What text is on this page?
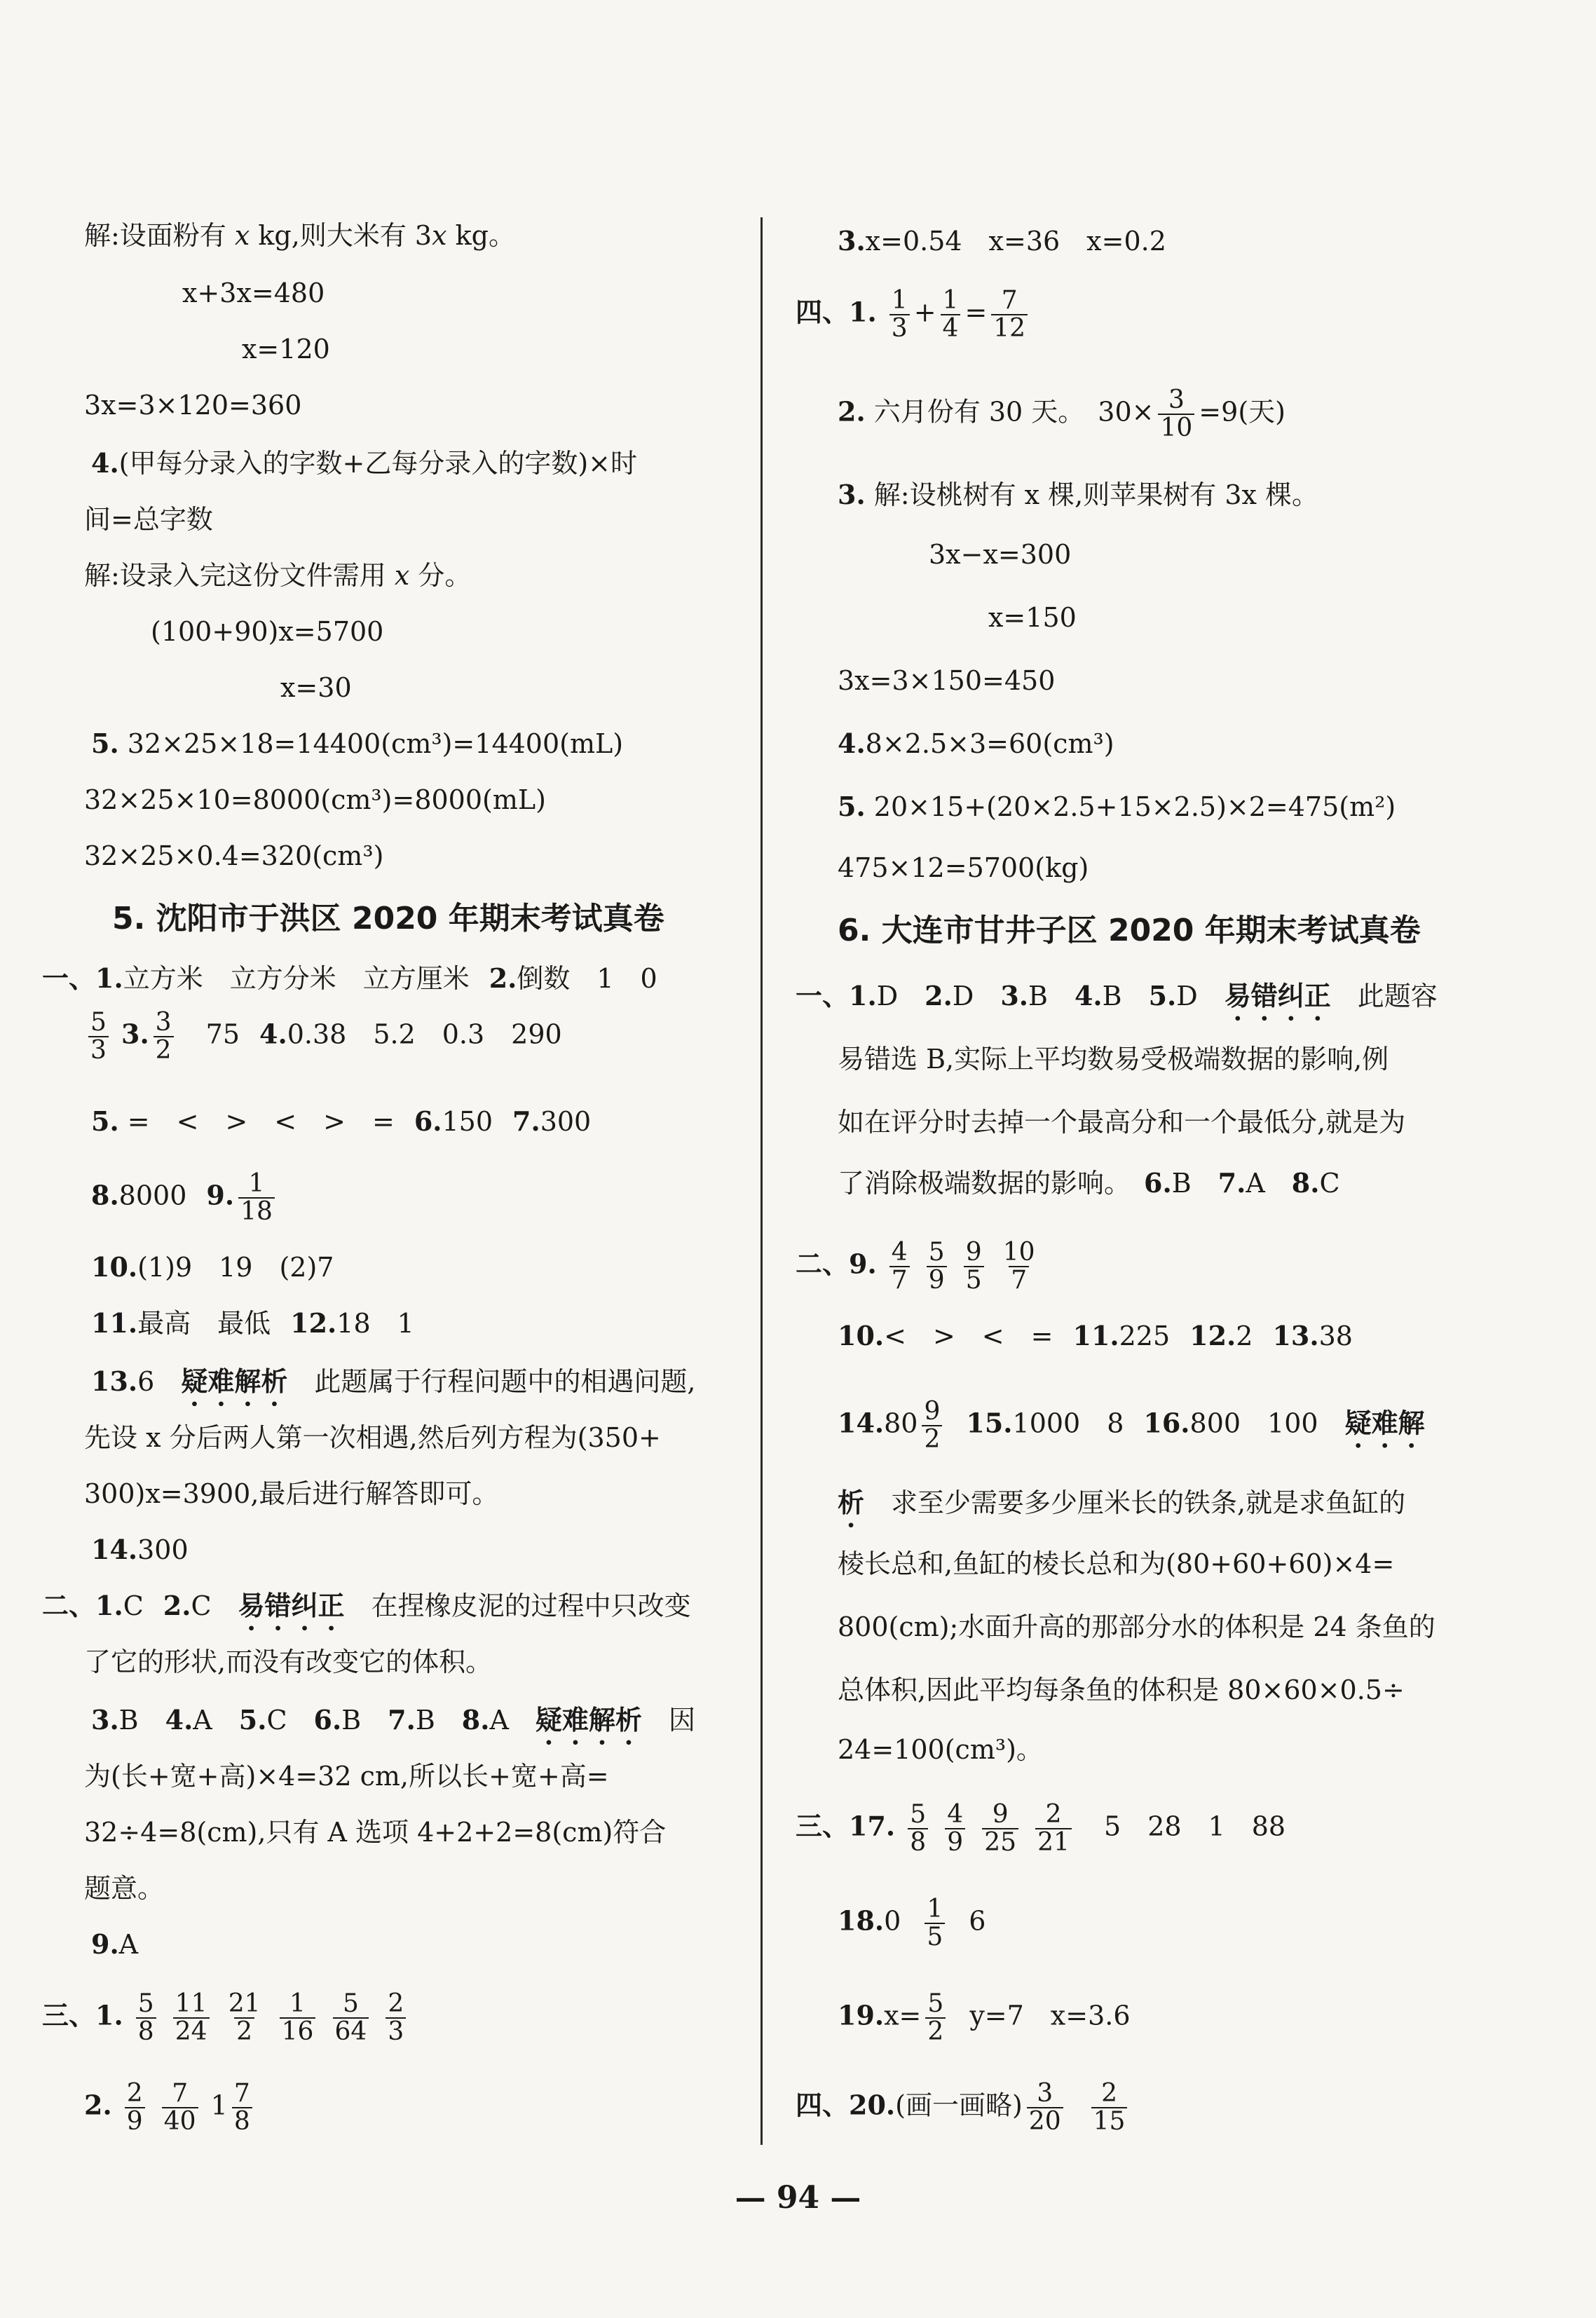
解:设面粉有 x kg,则大米有 3x kg。
x+3x=480
x=120
3x=3×120=360
4.(甲每分录入的字数+乙每分录入的字数)×时
间=总字数
解:设录入完这份文件需用 x 分。
(100+90)x=5700
x=30
5. 32×25×18=14400(cm³)=14400(mL)
32×25×10=8000(cm³)=8000(mL)
32×25×0.4=320(cm³)
5. 沈阳市于洪区 2020 年期末考试真卷
一、1.立方米　立方分米　立方厘米 2.倒数　1　0
$\frac{5}{3} 3$. $\frac{3}{2} 75$ 4.0.38　5.2　0.3　290
5. =　<　>　<　>　= 6.150 7.300
8.8000 9. $\frac{1}{18}$
10.(1)9　19　(2)7
11.最高　最低 12.18　1
13.6　 疑难解析　 此题属于行程问题中的相遇问题,
先设 x 分后两人第一次相遇,然后列方程为(350+
300)x=3900,最后进行解答即可。
14.300
二、1.C 2.C　 易错纠正　 在捏橡皮泥的过程中只改变
了它的形状,而没有改变它的体积。
3.B　 4.A　 5.C　 6.B　 7.B　 8.A　 疑难解析　 因
为(长+宽+高)×4=32 cm,所以长+宽+高=
32÷4=8(cm),只有 A 选项 4+2+2=8(cm)符合
题意。
9.A
三、1. $\frac{5}{8}$
$\frac{11}{24}$
$\frac{21}{2}$
$\frac{1}{16}$
$\frac{5}{64}$
$\frac{2}{3}$
2. $\frac{2}{9}$
$\frac{7}{40} 1 \frac{7}{8}$
3.x=0.54　x=36　x=0.2
四、1. $\frac{1}{3} + \frac{1}{4} = \frac{7}{12}$
2. 六月份有 30 天。　$30\times \frac{3}{10} =9$(天)
3. 解:设桃树有 x 棵,则苹果树有 3x 棵。
3x−x=300
x=150
3x=3×150=450
4.8×2.5×3=60(cm³)
5. 20×15+(20×2.5+15×2.5)×2=475(m²)
475×12=5700(kg)
6. 大连市甘井子区 2020 年期末考试真卷
一、1.D　 2.D　 3.B　 4.B　 5.D　 易错纠正　 此题容
易错选 B,实际上平均数易受极端数据的影响,例
如在评分时去掉一个最高分和一个最低分,就是为
了消除极端数据的影响。　 6.B　 7.A　 8.C
二、9. $\frac{4}{7}$
$\frac{5}{9}$
$\frac{9}{5}$
$\frac{10}{7}$
10.<　>　<　= 11.225 12.2 13.38
$14.80 \frac{9}{2} 15.1000$　8 16.800　100　 疑难解
析　 求至少需要多少厘米长的铁条,就是求鱼缸的
棱长总和,鱼缸的棱长总和为(80+60+60)×4=
800(cm);水面升高的那部分水的体积是 24 条鱼的
总体积,因此平均每条鱼的体积是 80×60×0.5÷
24=100(cm³)。
三、17. $\frac{5}{8}$
$\frac{4}{9}$
$\frac{9}{25}$
$\frac{2}{21} 5$　28　1　88
$18.0 \frac{1}{5} 6$
$19.x= \frac{5}{2} y=7$　x=3.6
四、20.(画一画略) $\frac{3}{20} \frac{2}{15}$
— 94 —
